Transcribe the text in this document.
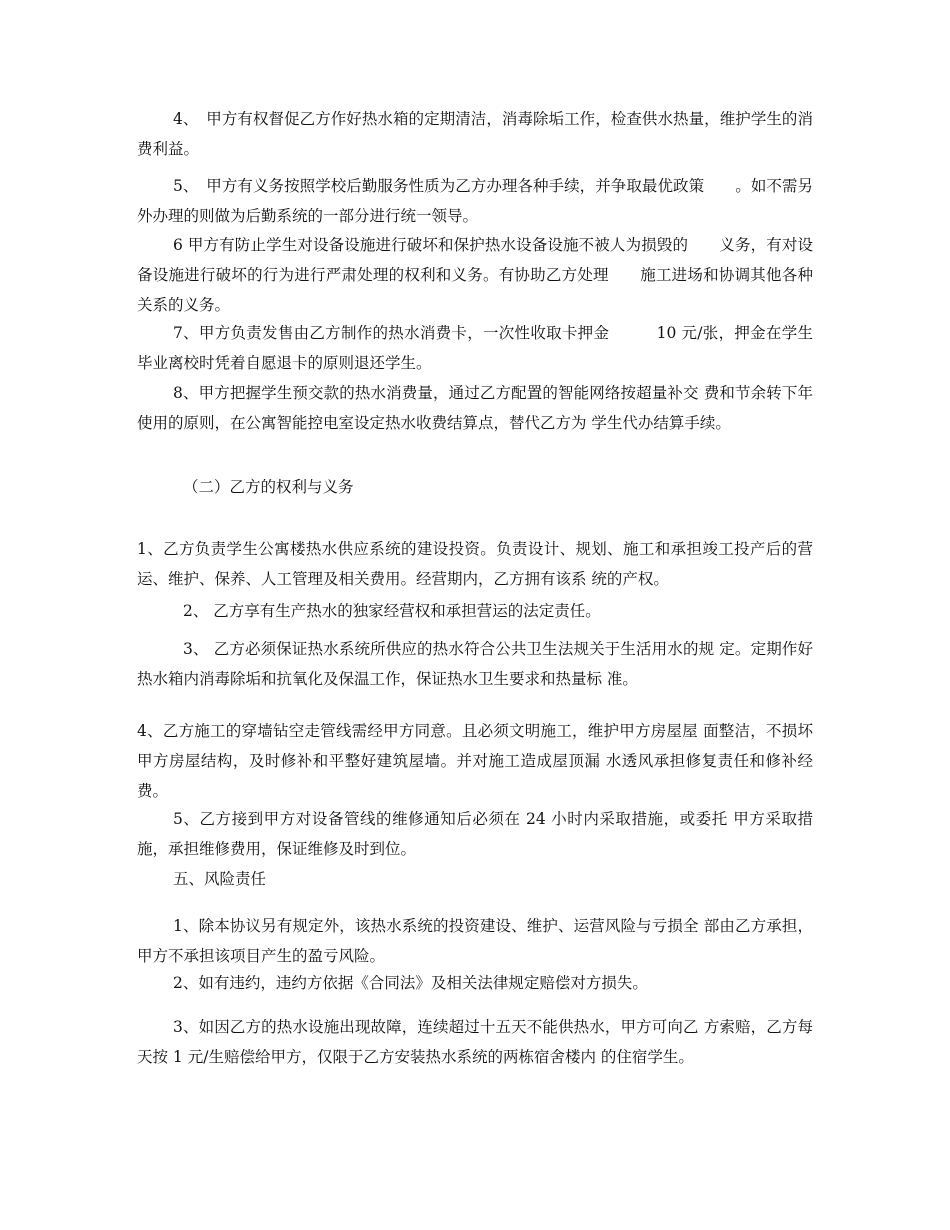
4、　甲方有权督促乙方作好热水箱的定期清洁，消毒除垢工作，检查供水热量，维护学生的消费利益。

5、　甲方有义务按照学校后勤服务性质为乙方办理各种手续，并争取最优政策　　。如不需另外办理的则做为后勤系统的一部分进行统一领导。

6 甲方有防止学生对设备设施进行破坏和保护热水设备设施不被人为损毁的　　义务，有对设备设施进行破坏的行为进行严肃处理的权利和义务。有协助乙方处理　　施工进场和协调其他各种关系的义务。

7、甲方负责发售由乙方制作的热水消费卡，一次性收取卡押金　　　10 元/张，押金在学生毕业离校时凭着自愿退卡的原则退还学生。

8、甲方把握学生预交款的热水消费量，通过乙方配置的智能网络按超量补交 费和节余转下年使用的原则，在公寓智能控电室设定热水收费结算点，替代乙方为 学生代办结算手续。

（二）乙方的权利与义务

1、乙方负责学生公寓楼热水供应系统的建设投资。负责设计、规划、施工和承担竣工投产后的营运、维护、保养、人工管理及相关费用。经营期内，乙方拥有该系 统的产权。

2、 乙方享有生产热水的独家经营权和承担营运的法定责任。

3、 乙方必须保证热水系统所供应的热水符合公共卫生法规关于生活用水的规 定。定期作好热水箱内消毒除垢和抗氧化及保温工作，保证热水卫生要求和热量标 准。

4、乙方施工的穿墙钻空走管线需经甲方同意。且必须文明施工，维护甲方房屋屋 面整洁，不损坏甲方房屋结构，及时修补和平整好建筑屋墙。并对施工造成屋顶漏 水透风承担修复责任和修补经费。

5、乙方接到甲方对设备管线的维修通知后必须在 24 小时内采取措施，或委托 甲方采取措施，承担维修费用，保证维修及时到位。

五、风险责任

1、除本协议另有规定外，该热水系统的投资建设、维护、运营风险与亏损全 部由乙方承担，甲方不承担该项目产生的盈亏风险。

2、如有违约，违约方依据《合同法》及相关法律规定赔偿对方损失。

3、如因乙方的热水设施出现故障，连续超过十五天不能供热水，甲方可向乙 方索赔，乙方每天按 1 元/生赔偿给甲方，仅限于乙方安装热水系统的两栋宿舍楼内 的住宿学生。
